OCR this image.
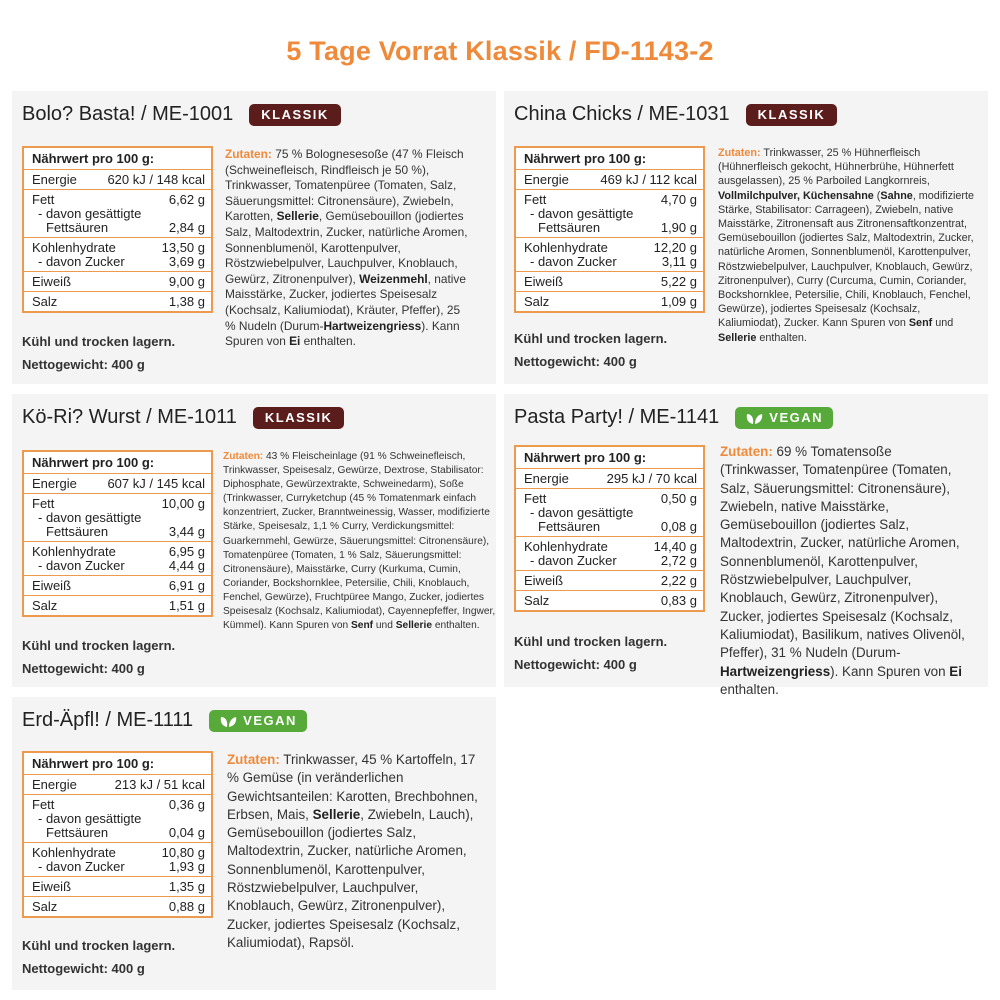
5 Tage Vorrat Klassik / FD-1143-2
Bolo? Basta! / ME-1001 KLASSIK
Nährwert pro 100 g:
Energie 620 kJ / 148 kcal
Fett	6,62 g
- davon gesättigte
Fettsäuren	2,84 g
Kohlenhydrate	13,50 g
- davon Zucker	3,69 g
Eiweiß	9,00 g
Salz	1,38 g
Kühl und trocken lagern.
Nettogewicht: 400 g
Zutaten: 75 % Bolognesesoße (47 % Fleisch (Schweinefleisch, Rindfleisch je 50 %), Trinkwasser, Tomatenpüree (Tomaten, Salz, Säuerungsmittel: Citronensäure), Zwiebeln, Karotten, Sellerie, Gemüsebouillon (jodiertes Salz, Maltodextrin, Zucker, natürliche Aromen, Sonnenblumenöl, Karottenpulver, Röstzwiebelpulver, Lauchpulver, Knoblauch, Gewürz, Zitronenpulver), Weizenmehl, native Maisstärke, Zucker, jodiertes Speisesalz (Kochsalz, Kaliumiodat), Kräuter, Pfeffer), 25 % Nudeln (Durum-Hartweizengriess). Kann Spuren von Ei enthalten.
China Chicks / ME-1031 KLASSIK
Nährwert pro 100 g:
Energie 469 kJ / 112 kcal
Fett	4,70 g
- davon gesättigte
Fettsäuren	1,90 g
Kohlenhydrate	12,20 g
- davon Zucker	3,11 g
Eiweiß	5,22 g
Salz	1,09 g
Kühl und trocken lagern.
Nettogewicht: 400 g
Zutaten: Trinkwasser, 25 % Hühnerfleisch (Hühnerfleisch gekocht, Hühnerbrühe, Hühnerfett ausgelassen), 25 % Parboiled Langkornreis, Vollmilchpulver, Küchensahne (Sahne, modifizierte Stärke, Stabilisator: Carrageen), Zwiebeln, native Maisstärke, Zitronensaft aus Zitronensaftkonzentrat, Gemüsebouillon (jodiertes Salz, Maltodextrin, Zucker, natürliche Aromen, Sonnenblumenöl, Karottenpulver, Röstzwiebelpulver, Lauchpulver, Knoblauch, Gewürz, Zitronenpulver), Curry (Curcuma, Cumin, Coriander, Bockshornklee, Petersilie, Chili, Knoblauch, Fenchel, Gewürze), jodiertes Speisesalz (Kochsalz, Kaliumiodat), Zucker. Kann Spuren von Senf und Sellerie enthalten.
Kö-Ri? Wurst / ME-1011 KLASSIK
Nährwert pro 100 g:
Energie 607 kJ / 145 kcal
Fett	10,00 g
- davon gesättigte
Fettsäuren	3,44 g
Kohlenhydrate	6,95 g
- davon Zucker	4,44 g
Eiweiß	6,91 g
Salz	1,51 g
Kühl und trocken lagern.
Nettogewicht: 400 g
Zutaten: 43 % Fleischeinlage (91 % Schweinefleisch, Trinkwasser, Speisesalz, Gewürze, Dextrose, Stabilisator: Diphosphate, Gewürzextrakte, Schweinedarm), Soße (Trinkwasser, Curryketchup (45 % Tomatenmark einfach konzentriert, Zucker, Branntweinessig, Wasser, modifizierte Stärke, Speisesalz, 1,1 % Curry, Verdickungsmittel: Guarkernmehl, Gewürze, Säuerungsmittel: Citronensäure), Tomatenpüree (Tomaten, 1 % Salz, Säuerungsmittel: Citronensäure), Maisstärke, Curry (Kurkuma, Cumin, Coriander, Bockshornklee, Petersilie, Chili, Knoblauch, Fenchel, Gewürze), Fruchtpüree Mango, Zucker, jodiertes Speisesalz (Kochsalz, Kaliumiodat), Cayennepfeffer, Ingwer, Kümmel). Kann Spuren von Senf und Sellerie enthalten.
Pasta Party! / ME-1141	VEGAN
Nährwert pro 100 g:
Energie	295 kJ / 70 kcal
Fett	0,50 g
- davon gesättigte
Fettsäuren	0,08 g
Kohlenhydrate	14,40 g
- davon Zucker	2,72 g
Eiweiß	2,22 g
Salz	0,83 g
Kühl und trocken lagern.
Nettogewicht: 400 g
Zutaten: 69 % Tomatensoße (Trinkwasser, Tomatenpüree (Tomaten, Salz, Säuerungsmittel: Citronensäure), Zwiebeln, native Maisstärke, Gemüsebouillon (jodiertes Salz, Maltodextrin, Zucker, natürliche Aromen, Sonnenblumenöl, Karottenpulver, Röstzwiebelpulver, Lauchpulver, Knoblauch, Gewürz, Zitronenpulver), Zucker, jodiertes Speisesalz (Kochsalz, Kaliumiodat), Basilikum, natives Olivenöl, Pfeffer), 31 % Nudeln (Durum-Hartweizengriess). Kann Spuren von Ei enthalten.
Erd-Äpfl! / ME-1111	VEGAN
Nährwert pro 100 g:
Energie	213 kJ / 51 kcal
Fett	0,36 g
- davon gesättigte
Fettsäuren	0,04 g
Kohlenhydrate	10,80 g
- davon Zucker	1,93 g
Eiweiß	1,35 g
Salz	0,88 g
Kühl und trocken lagern.
Nettogewicht: 400 g
Zutaten: Trinkwasser, 45 % Kartoffeln, 17 % Gemüse (in veränderlichen Gewichtsanteilen: Karotten, Brechbohnen, Erbsen, Mais, Sellerie, Zwiebeln, Lauch), Gemüsebouillon (jodiertes Salz, Maltodextrin, Zucker, natürliche Aromen, Sonnenblumenöl, Karottenpulver, Röstzwiebelpulver, Lauchpulver, Knoblauch, Gewürz, Zitronenpulver), Zucker, jodiertes Speisesalz (Kochsalz, Kaliumiodat), Rapsöl.
